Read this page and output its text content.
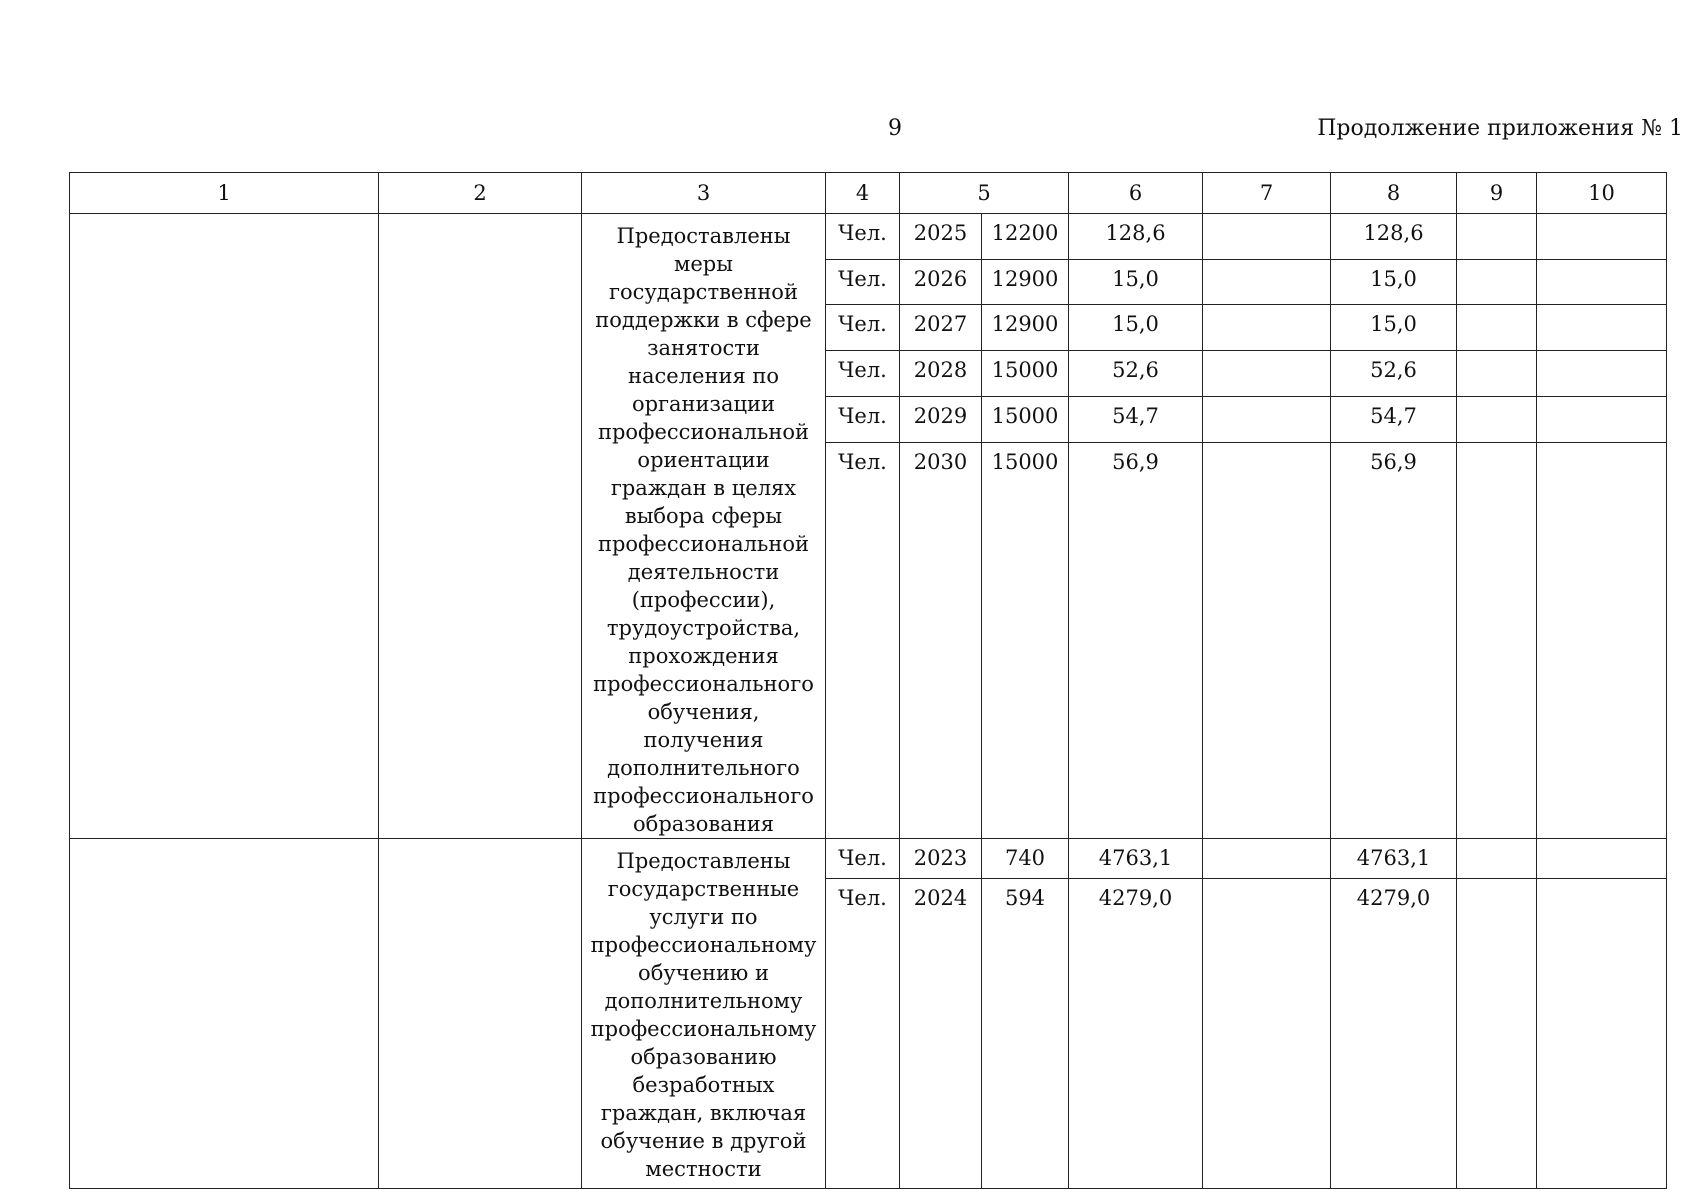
9	Продолжение приложения № 1
1	2	3	4	5		6	7	8	9	10
		Предоставлены меры государственной поддержки в сфере занятости населения по организации профессиональной ориентации граждан в целях выбора сферы профессиональной деятельности (профессии), трудоустройства, прохождения профессионального обучения, получения дополнительного профессионального образования	Чел.	2025	12200	128,6		128,6		
			Чел.	2026	12900	15,0		15,0		
			Чел.	2027	12900	15,0		15,0		
			Чел.	2028	15000	52,6		52,6		
			Чел.	2029	15000	54,7		54,7		
			Чел.	2030	15000	56,9		56,9		
		Предоставлены государственные услуги по профессиональному обучению и дополнительному профессиональному образованию безработных граждан, включая обучение в другой местности	Чел.	2023	740	4763,1		4763,1		
			Чел.	2024	594	4279,0		4279,0		
